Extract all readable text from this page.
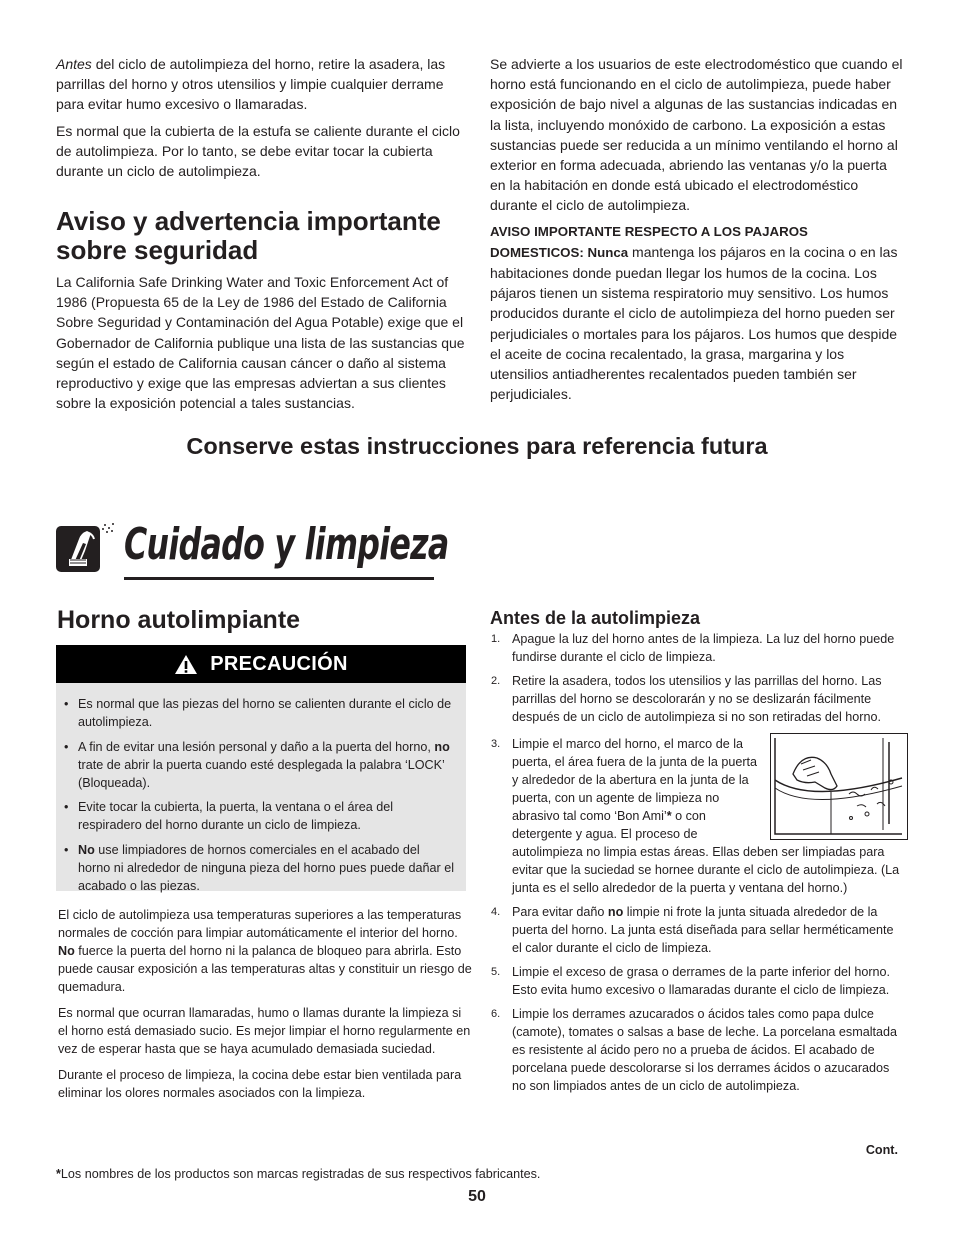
Antes del ciclo de autolimpieza del horno, retire la asadera, las parrillas del horno y otros utensilios y limpie cualquier derrame para evitar humo excesivo o llamaradas.

Es normal que la cubierta de la estufa se caliente durante el ciclo de autolimpieza. Por lo tanto, se debe evitar tocar la cubierta durante un ciclo de autolimpieza.

Aviso y advertencia importante
sobre seguridad

La California Safe Drinking Water and Toxic Enforcement Act of 1986 (Propuesta 65 de la Ley de 1986 del Estado de California Sobre Seguridad y Contaminación del Agua Potable) exige que el Gobernador de California publique una lista de las sustancias que según el estado de California causan cáncer o daño al sistema reproductivo y exige que las empresas adviertan a sus clientes sobre la exposición potencial a tales sustancias.

Se advierte a los usuarios de este electrodoméstico que cuando el horno está funcionando en el ciclo de autolimpieza, puede haber exposición de bajo nivel a algunas de las sustancias indicadas en la lista, incluyendo monóxido de carbono. La exposición a estas sustancias puede ser reducida a un mínimo ventilando el horno al exterior en forma adecuada, abriendo las ventanas y/o la puerta en la habitación en donde está ubicado el electrodoméstico durante el ciclo de autolimpieza.

AVISO IMPORTANTE RESPECTO A LOS PAJAROS DOMESTICOS: Nunca mantenga los pájaros en la cocina o en las habitaciones donde puedan llegar los humos de la cocina. Los pájaros tienen un sistema respiratorio muy sensitivo. Los humos producidos durante el ciclo de autolimpieza del horno pueden ser perjudiciales o mortales para los pájaros. Los humos que despide el aceite de cocina recalentado, la grasa, margarina y los utensilios antiadherentes recalentados pueden también ser perjudiciales.

Conserve estas instrucciones para referencia futura
Cuidado y limpieza
Horno autolimpiante
PRECAUCIÓN
• Es normal que las piezas del horno se calienten durante el ciclo de autolimpieza.
• A fin de evitar una lesión personal y daño a la puerta del horno, no trate de abrir la puerta cuando esté desplegada la palabra ‘LOCK’ (Bloqueada).
• Evite tocar la cubierta, la puerta, la ventana o el área del respiradero del horno durante un ciclo de limpieza.
• No use limpiadores de hornos comerciales en el acabado del horno ni alrededor de ninguna pieza del horno pues puede dañar el acabado o las piezas.

El ciclo de autolimpieza usa temperaturas superiores a las temperaturas normales de cocción para limpiar automáticamente el interior del horno. No fuerce la puerta del horno ni la palanca de bloqueo para abrirla. Esto puede causar exposición a las temperaturas altas y constituir un riesgo de quemadura.

Es normal que ocurran llamaradas, humo o llamas durante la limpieza si el horno está demasiado sucio. Es mejor limpiar el horno regularmente en vez de esperar hasta que se haya acumulado demasiada suciedad.

Durante el proceso de limpieza, la cocina debe estar bien ventilada para eliminar los olores normales asociados con la limpieza.

Antes de la autolimpieza
1. Apague la luz del horno antes de la limpieza. La luz del horno puede fundirse durante el ciclo de limpieza.
2. Retire la asadera, todos los utensilios y las parrillas del horno. Las parrillas del horno se descolorarán y no se deslizarán fácilmente después de un ciclo de autolimpieza si no son retiradas del horno.
3. Limpie el marco del horno, el marco de la puerta, el área fuera de la junta de la puerta y alrededor de la abertura en la junta de la puerta, con un agente de limpieza no abrasivo tal como ‘Bon Ami’* o con detergente y agua. El proceso de autolimpieza no limpia estas áreas. Ellas deben ser limpiadas para evitar que la suciedad se hornee durante el ciclo de autolimpieza. (La junta es el sello alrededor de la puerta y ventana del horno.)
4. Para evitar daño no limpie ni frote la junta situada alrededor de la puerta del horno. La junta está diseñada para sellar herméticamente el calor durante el ciclo de limpieza.
5. Limpie el exceso de grasa o derrames de la parte inferior del horno. Esto evita humo excesivo o llamaradas durante el ciclo de limpieza.
6. Limpie los derrames azucarados o ácidos tales como papa dulce (camote), tomates o salsas a base de leche. La porcelana esmaltada es resistente al ácido pero no a prueba de ácidos. El acabado de porcelana puede descolorarse si los derrames ácidos o azucarados no son limpiados antes de un ciclo de autolimpieza.
Cont.
*Los nombres de los productos son marcas registradas de sus respectivos fabricantes.
50
